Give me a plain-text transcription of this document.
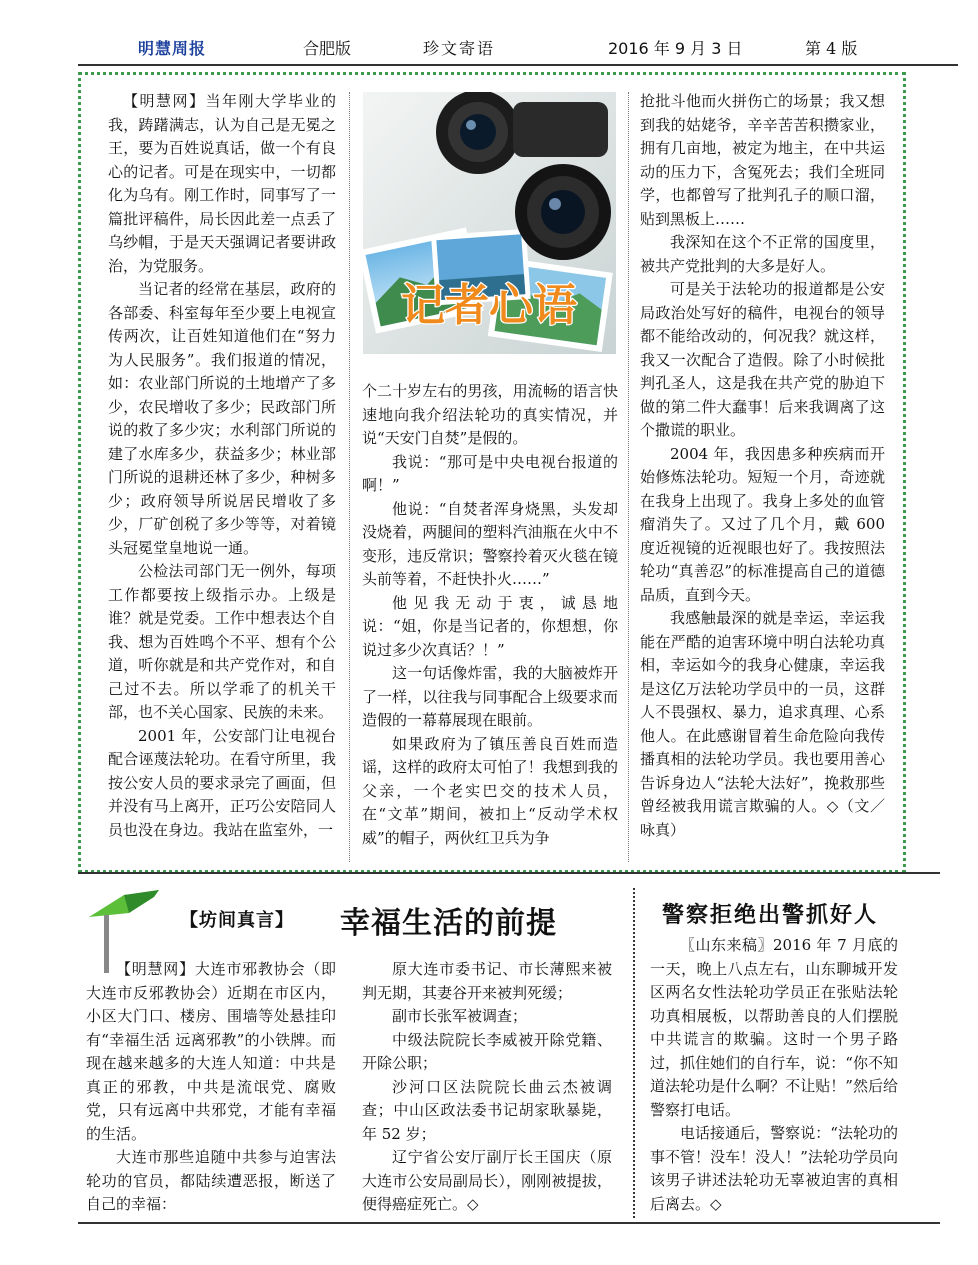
明慧周报	合肥版	珍文寄语	2016 年 9 月 3 日	第 4 版

【明慧网】当年刚大学毕业的我，踌躇满志，认为自己是无冕之王，要为百姓说真话，做一个有良心的记者。可是在现实中，一切都化为乌有。刚工作时，同事写了一篇批评稿件，局长因此差一点丢了乌纱帽，于是天天强调记者要讲政治，为党服务。

当记者的经常在基层，政府的各部委、科室每年至少要上电视宣传两次，让百姓知道他们在“努力为人民服务”。我们报道的情况，如：农业部门所说的土地增产了多少，农民增收了多少；民政部门所说的救了多少灾；水利部门所说的建了水库多少，获益多少；林业部门所说的退耕还林了多少，种树多少；政府领导所说居民增收了多少，厂矿创税了多少等等，对着镜头冠冕堂皇地说一通。

公检法司部门无一例外，每项工作都要按上级指示办。上级是谁？就是党委。工作中想表达个自我、想为百姓鸣个不平、想有个公道，听你就是和共产党作对，和自己过不去。所以学乖了的机关干部，也不关心国家、民族的未来。

2001 年，公安部门让电视台配合诬蔑法轮功。在看守所里，我按公安人员的要求录完了画面，但并没有马上离开，正巧公安陪同人员也没在身边。我站在监室外，一

记者心语

个二十岁左右的男孩，用流畅的语言快速地向我介绍法轮功的真实情况，并说“天安门自焚”是假的。

我说：“那可是中央电视台报道的啊！”

他说：“自焚者浑身烧黑，头发却没烧着，两腿间的塑料汽油瓶在火中不变形，违反常识；警察拎着灭火毯在镜头前等着，不赶快扑火……”

他见我无动于衷，诚恳地说：“姐，你是当记者的，你想想，你说过多少次真话？！”

这一句话像炸雷，我的大脑被炸开了一样，以往我与同事配合上级要求而造假的一幕幕展现在眼前。

如果政府为了镇压善良百姓而造谣，这样的政府太可怕了！我想到我的父亲，一个老实巴交的技术人员，在“文革”期间，被扣上“反动学术权威”的帽子，两伙红卫兵为争

抢批斗他而火拼伤亡的场景；我又想到我的姑姥爷，辛辛苦苦积攒家业，拥有几亩地，被定为地主，在中共运动的压力下，含冤死去；我们全班同学，也都曾写了批判孔子的顺口溜，贴到黑板上……

我深知在这个不正常的国度里，被共产党批判的大多是好人。

可是关于法轮功的报道都是公安局政治处写好的稿件，电视台的领导都不能给改动的，何况我？就这样，我又一次配合了造假。除了小时候批判孔圣人，这是我在共产党的胁迫下做的第二件大蠢事！后来我调离了这个撒谎的职业。

2004 年，我因患多种疾病而开始修炼法轮功。短短一个月，奇迹就在我身上出现了。我身上多处的血管瘤消失了。又过了几个月，戴 600 度近视镜的近视眼也好了。我按照法轮功“真善忍”的标准提高自己的道德品质，直到今天。

我感触最深的就是幸运，幸运我能在严酷的迫害环境中明白法轮功真相，幸运如今的我身心健康，幸运我是这亿万法轮功学员中的一员，这群人不畏强权、暴力，追求真理、心系他人。在此感谢冒着生命危险向我传播真相的法轮功学员。我也要用善心告诉身边人“法轮大法好”，挽救那些曾经被我用谎言欺骗的人。◇（文／咏真）

【坊间真言】 幸福生活的前提

【明慧网】大连市邪教协会（即大连市反邪教协会）近期在市区内，小区大门口、楼房、围墙等处悬挂印有“幸福生活 远离邪教”的小铁牌。而现在越来越多的大连人知道：中共是真正的邪教，中共是流氓党、腐败党，只有远离中共邪党，才能有幸福的生活。

大连市那些追随中共参与迫害法轮功的官员，都陆续遭恶报，断送了自己的幸福：

原大连市委书记、市长薄熙来被判无期，其妻谷开来被判死缓；

副市长张军被调查；

中级法院院长李威被开除党籍、开除公职；

沙河口区法院院长曲云杰被调查；中山区政法委书记胡家耿暴毙，年 52 岁；

辽宁省公安厅副厅长王国庆（原大连市公安局副局长），刚刚被提拔，便得癌症死亡。◇

警察拒绝出警抓好人

〖山东来稿〗2016 年 7 月底的一天，晚上八点左右，山东聊城开发区两名女性法轮功学员正在张贴法轮功真相展板，以帮助善良的人们摆脱中共谎言的欺骗。这时一个男子路过，抓住她们的自行车，说：“你不知道法轮功是什么啊？不让贴！”然后给警察打电话。

电话接通后，警察说：“法轮功的事不管！没车！没人！”法轮功学员向该男子讲述法轮功无辜被迫害的真相后离去。◇
